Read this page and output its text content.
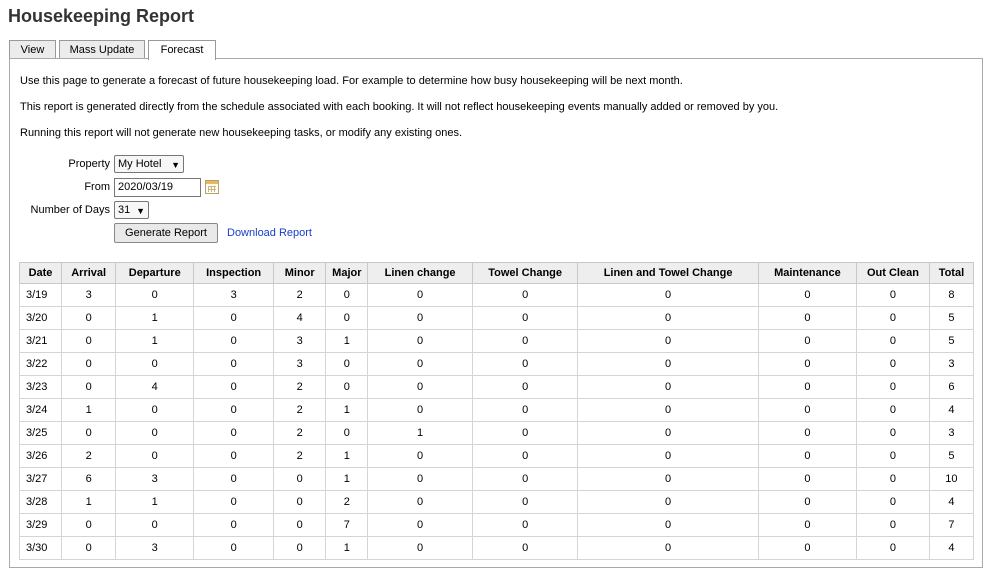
Housekeeping Report
View	Mass Update	Forecast

Use this page to generate a forecast of future housekeeping load. For example to determine how busy housekeeping will be next month.

This report is generated directly from the schedule associated with each booking. It will not reflect housekeeping events manually added or removed by you.

Running this report will not generate new housekeeping tasks, or modify any existing ones.

Property My Hotel ▼
From 2020/03/19
Number of Days 31 ▼
Generate Report	Download Report
Date	Arrival	Departure	Inspection	Minor	Major	Linen change	Towel Change	Linen and Towel Change	Maintenance	Out Clean	Total
3/19	3	0	3	2	0	0	0	0	0	0	8
3/20	0	1	0	4	0	0	0	0	0	0	5
3/21	0	1	0	3	1	0	0	0	0	0	5
3/22	0	0	0	3	0	0	0	0	0	0	3
3/23	0	4	0	2	0	0	0	0	0	0	6
3/24	1	0	0	2	1	0	0	0	0	0	4
3/25	0	0	0	2	0	1	0	0	0	0	3
3/26	2	0	0	2	1	0	0	0	0	0	5
3/27	6	3	0	0	1	0	0	0	0	0	10
3/28	1	1	0	0	2	0	0	0	0	0	4
3/29	0	0	0	0	7	0	0	0	0	0	7
3/30	0	3	0	0	1	0	0	0	0	0	4
